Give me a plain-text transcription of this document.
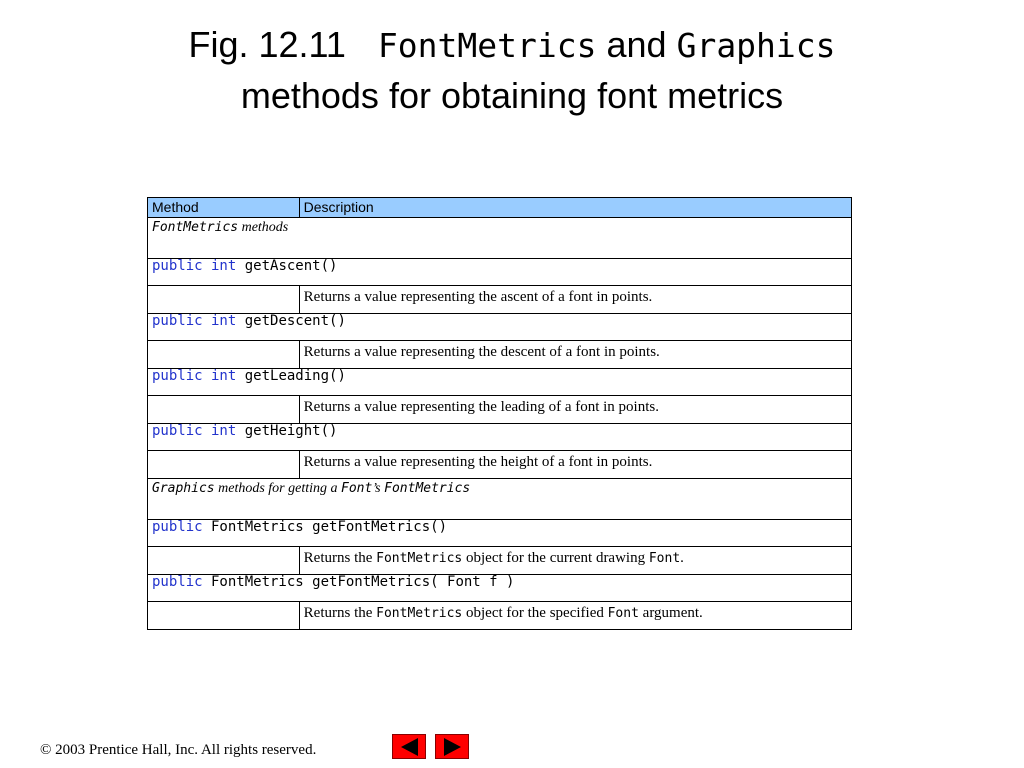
Fig. 12.11 FontMetrics and Graphics
methods for obtaining font metrics
Method	Description
FontMetrics methods	
public int getAscent()	
	Returns a value representing the ascent of a font in points.
public int getDescent()	
	Returns a value representing the descent of a font in points.
public int getLeading()	
	Returns a value representing the leading of a font in points.
public int getHeight()	
	Returns a value representing the height of a font in points.
Graphics methods for getting a Font’s FontMetrics	
public FontMetrics getFontMetrics()	
	Returns the FontMetrics object for the current drawing Font.
public FontMetrics getFontMetrics( Font f )	
	Returns the FontMetrics object for the specified Font argument.
© 2003 Prentice Hall, Inc. All rights reserved.
